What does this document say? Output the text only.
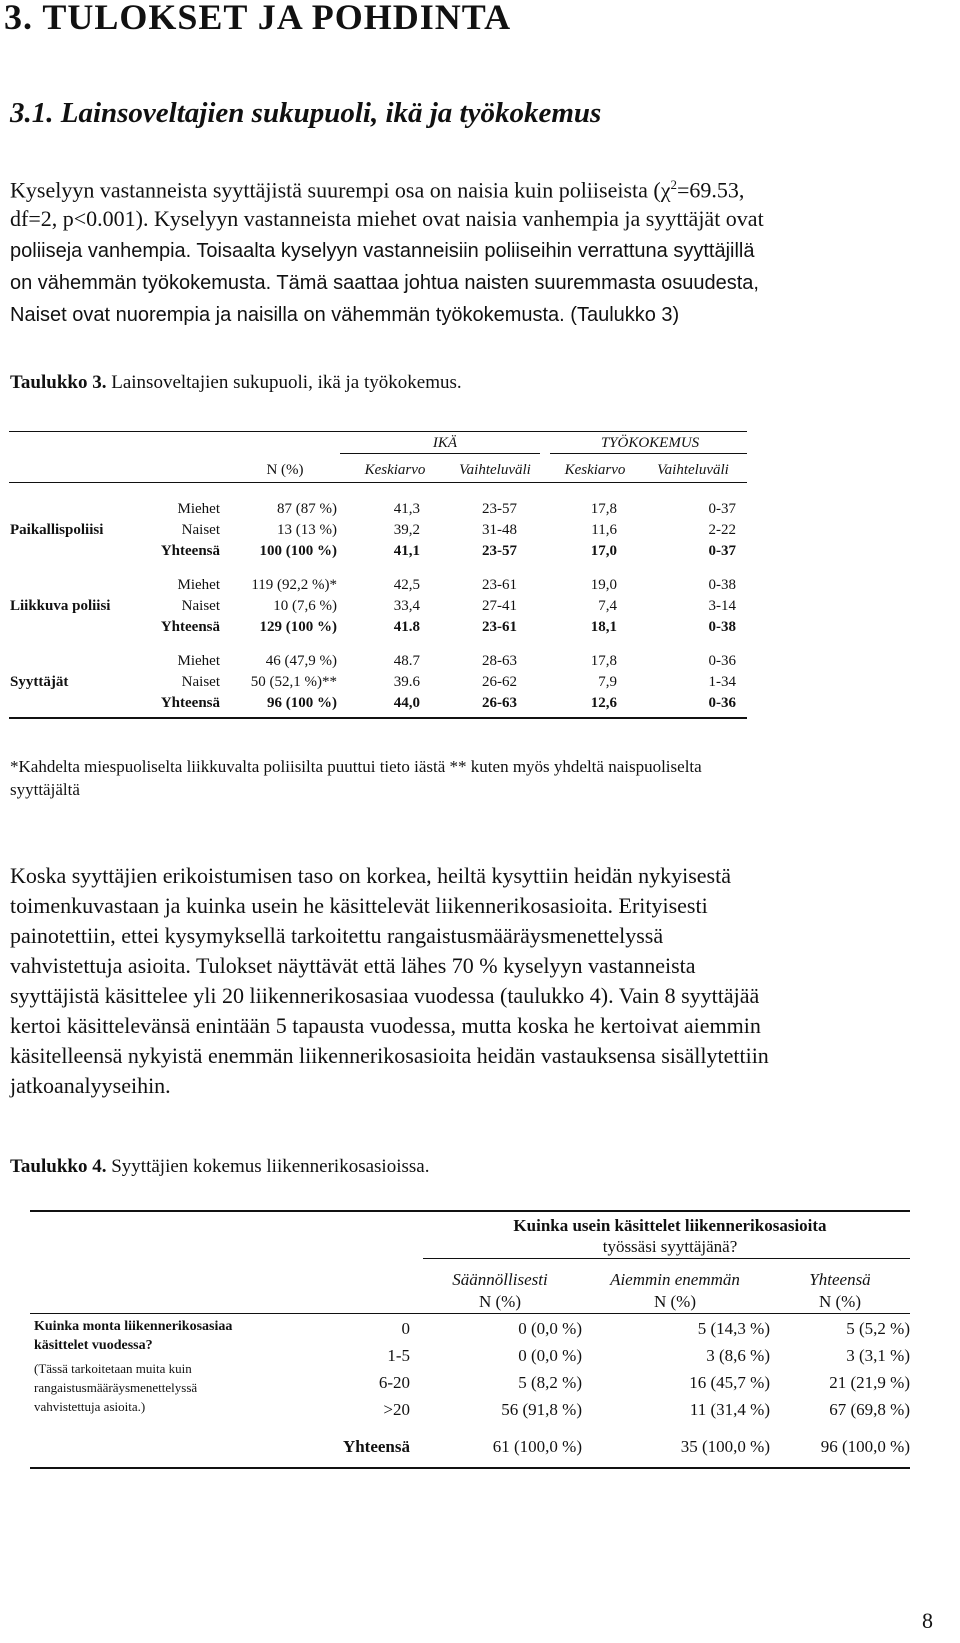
3. TULOKSET JA POHDINTA
3.1. Lainsoveltajien sukupuoli, ikä ja työkokemus
Kyselyyn vastanneista syyttäjistä suurempi osa on naisia kuin poliiseista ($\chi^2=69.53$,
df=2, p<0.001). Kyselyyn vastanneista miehet ovat naisia vanhempia ja syyttäjät ovat
poliiseja vanhempia. Toisaalta kyselyyn vastanneisiin poliiseihin verrattuna syyttäjillä
on vähemmän työkokemusta. Tämä saattaa johtua naisten suuremmasta osuudesta,
Naiset ovat nuorempia ja naisilla on vähemmän työkokemusta. (Taulukko 3)
Taulukko 3. Lainsoveltajien sukupuoli, ikä ja työkokemus.
IKÄ	TYÖKOKEMUS
N (%)	Keskiarvo	Vaihteluväli	Keskiarvo	Vaihteluväli
Paikallispoliisi
Miehet	87 (87 %)	41,3	23-57	17,8	0-37
Naiset	13 (13 %)	39,2	31-48	11,6	2-22
Yhteensä	100 (100 %)	41,1	23-57	17,0	0-37
Liikkuva poliisi
Miehet	119 (92,2 %)*	42,5	23-61	19,0	0-38
Naiset	10 (7,6 %)	33,4	27-41	7,4	3-14
Yhteensä	129 (100 %)	41.8	23-61	18,1	0-38
Syyttäjät
Miehet	46 (47,9 %)	48.7	28-63	17,8	0-36
Naiset	50 (52,1 %)**	39.6	26-62	7,9	1-34
Yhteensä	96 (100 %)	44,0	26-63	12,6	0-36
*Kahdelta miespuoliselta liikkuvalta poliisilta puuttui tieto iästä ** kuten myös yhdeltä naispuoliselta
syyttäjältä
Koska syyttäjien erikoistumisen taso on korkea, heiltä kysyttiin heidän nykyisestä
toimenkuvastaan ja kuinka usein he käsittelevät liikennerikosasioita. Erityisesti
painotettiin, ettei kysymyksellä tarkoitettu rangaistusmääräysmenettelyssä
vahvistettuja asioita. Tulokset näyttävät että lähes 70 % kyselyyn vastanneista
syyttäjistä käsittelee yli 20 liikennerikosasiaa vuodessa (taulukko 4). Vain 8 syyttäjää
kertoi käsittelevänsä enintään 5 tapausta vuodessa, mutta koska he kertoivat aiemmin
käsitelleensä nykyistä enemmän liikennerikosasioita heidän vastauksensa sisällytettiin
jatkoanalyyseihin.
Taulukko 4. Syyttäjien kokemus liikennerikosasioissa.
Kuinka usein käsittelet liikennerikosasioita
työssäsi syyttäjänä?
Säännöllisesti
N (%)
Aiemmin enemmän
N (%)
Yhteensä
N (%)
Kuinka monta liikennerikosasiaa
käsittelet vuodessa?
(Tässä tarkoitetaan muita kuin
rangaistusmääräysmenettelyssä
vahvistettuja asioita.)
0	0 (0,0 %)	5 (14,3 %)	5 (5,2 %)
1-5	0 (0,0 %)	3 (8,6 %)	3 (3,1 %)
6-20	5 (8,2 %)	16 (45,7 %)	21 (21,9 %)
>20	56 (91,8 %)	11 (31,4 %)	67 (69,8 %)
Yhteensä	61 (100,0 %)	35 (100,0 %)	96 (100,0 %)
8
